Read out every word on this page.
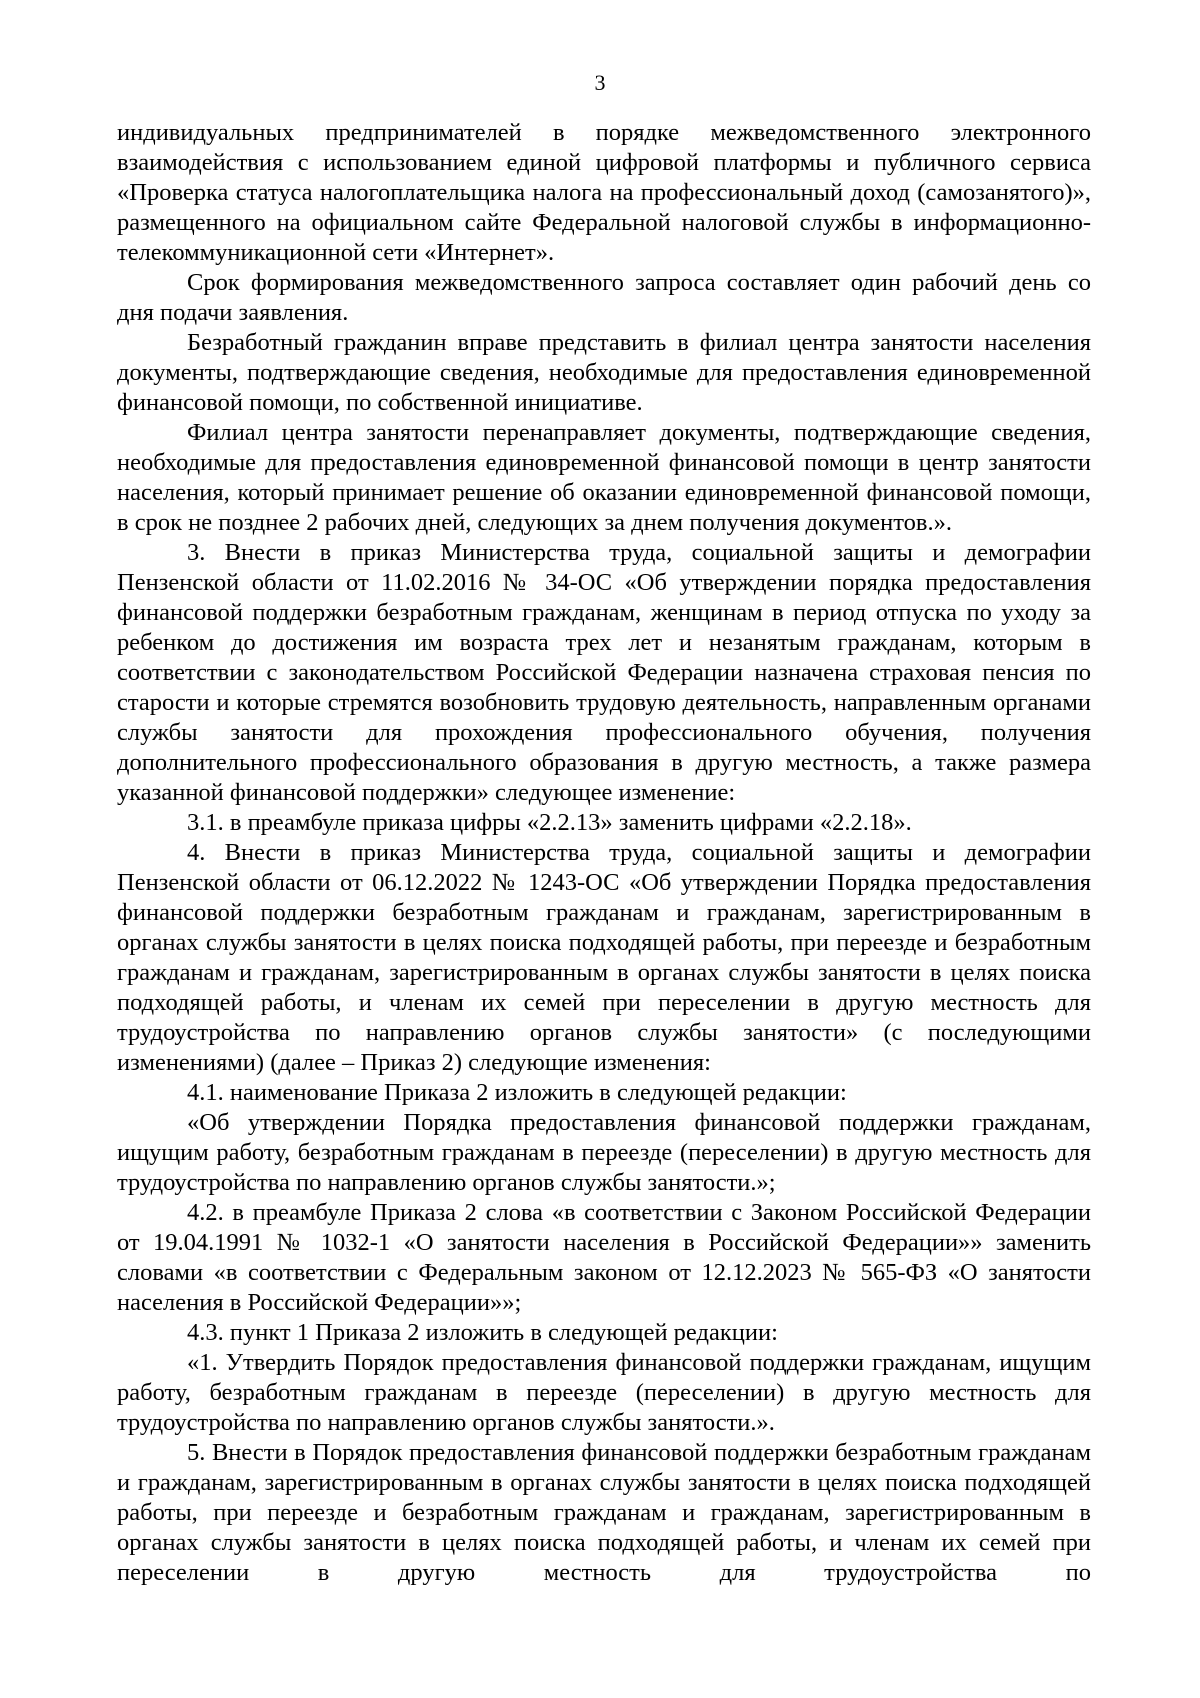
3

индивидуальных предпринимателей в порядке межведомственного электронного взаимодействия с использованием единой цифровой платформы и публичного сервиса «Проверка статуса налогоплательщика налога на профессиональный доход (самозанятого)», размещенного на официальном сайте Федеральной налоговой службы в информационно-телекоммуникационной сети «Интернет».

Срок формирования межведомственного запроса составляет один рабочий день со дня подачи заявления.

Безработный гражданин вправе представить в филиал центра занятости населения документы, подтверждающие сведения, необходимые для предоставления единовременной финансовой помощи, по собственной инициативе.

Филиал центра занятости перенаправляет документы, подтверждающие сведения, необходимые для предоставления единовременной финансовой помощи в центр занятости населения, который принимает решение об оказании единовременной финансовой помощи, в срок не позднее 2 рабочих дней, следующих за днем получения документов.».

3. Внести в приказ Министерства труда, социальной защиты и демографии Пензенской области от 11.02.2016 № 34-ОС «Об утверждении порядка предоставления финансовой поддержки безработным гражданам, женщинам в период отпуска по уходу за ребенком до достижения им возраста трех лет и незанятым гражданам, которым в соответствии с законодательством Российской Федерации назначена страховая пенсия по старости и которые стремятся возобновить трудовую деятельность, направленным органами службы занятости для прохождения профессионального обучения, получения дополнительного профессионального образования в другую местность, а также размера указанной финансовой поддержки» следующее изменение:

3.1. в преамбуле приказа цифры «2.2.13» заменить цифрами «2.2.18».

4. Внести в приказ Министерства труда, социальной защиты и демографии Пензенской области от 06.12.2022 № 1243-ОС «Об утверждении Порядка предоставления финансовой поддержки безработным гражданам и гражданам, зарегистрированным в органах службы занятости в целях поиска подходящей работы, при переезде и безработным гражданам и гражданам, зарегистрированным в органах службы занятости в целях поиска подходящей работы, и членам их семей при переселении в другую местность для трудоустройства по направлению органов службы занятости» (с последующими изменениями) (далее – Приказ 2) следующие изменения:

4.1. наименование Приказа 2 изложить в следующей редакции:

«Об утверждении Порядка предоставления финансовой поддержки гражданам, ищущим работу, безработным гражданам в переезде (переселении) в другую местность для трудоустройства по направлению органов службы занятости.»;

4.2. в преамбуле Приказа 2 слова «в соответствии с Законом Российской Федерации от 19.04.1991 № 1032-1 «О занятости населения в Российской Федерации»» заменить словами «в соответствии с Федеральным законом от 12.12.2023 № 565-ФЗ «О занятости населения в Российской Федерации»»;

4.3. пункт 1 Приказа 2 изложить в следующей редакции:

«1. Утвердить Порядок предоставления финансовой поддержки гражданам, ищущим работу, безработным гражданам в переезде (переселении) в другую местность для трудоустройства по направлению органов службы занятости.».

5. Внести в Порядок предоставления финансовой поддержки безработным гражданам и гражданам, зарегистрированным в органах службы занятости в целях поиска подходящей работы, при переезде и безработным гражданам и гражданам, зарегистрированным в органах службы занятости в целях поиска подходящей работы, и членам их семей при переселении в другую местность для трудоустройства по
